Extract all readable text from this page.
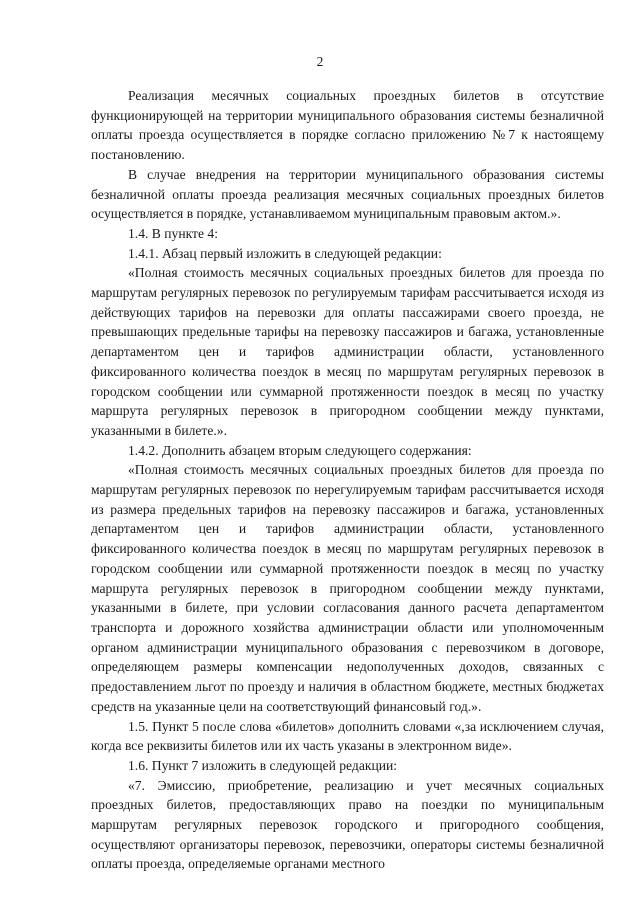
2

Реализация месячных социальных проездных билетов в отсутствие функционирующей на территории муниципального образования системы безналичной оплаты проезда осуществляется в порядке согласно приложению №7 к настоящему постановлению.

В случае внедрения на территории муниципального образования системы безналичной оплаты проезда реализация месячных социальных проездных билетов осуществляется в порядке, устанавливаемом муниципальным правовым актом.».

1.4. В пункте 4:

1.4.1. Абзац первый изложить в следующей редакции:

«Полная стоимость месячных социальных проездных билетов для проезда по маршрутам регулярных перевозок по регулируемым тарифам рассчитывается исходя из действующих тарифов на перевозки для оплаты пассажирами своего проезда, не превышающих предельные тарифы на перевозку пассажиров и багажа, установленные департаментом цен и тарифов администрации области, установленного фиксированного количества поездок в месяц по маршрутам регулярных перевозок в городском сообщении или суммарной протяженности поездок в месяц по участку маршрута регулярных перевозок в пригородном сообщении между пунктами, указанными в билете.».

1.4.2. Дополнить абзацем вторым следующего содержания:

«Полная стоимость месячных социальных проездных билетов для проезда по маршрутам регулярных перевозок по нерегулируемым тарифам рассчитывается исходя из размера предельных тарифов на перевозку пассажиров и багажа, установленных департаментом цен и тарифов администрации области, установленного фиксированного количества поездок в месяц по маршрутам регулярных перевозок в городском сообщении или суммарной протяженности поездок в месяц по участку маршрута регулярных перевозок в пригородном сообщении между пунктами, указанными в билете, при условии согласования данного расчета департаментом транспорта и дорожного хозяйства администрации области или уполномоченным органом администрации муниципального образования с перевозчиком в договоре, определяющем размеры компенсации недополученных доходов, связанных с предоставлением льгот по проезду и наличия в областном бюджете, местных бюджетах средств на указанные цели на соответствующий финансовый год.».

1.5. Пункт 5 после слова «билетов» дополнить словами «,за исключением случая, когда все реквизиты билетов или их часть указаны в электронном виде».

1.6. Пункт 7 изложить в следующей редакции:

«7. Эмиссию, приобретение, реализацию и учет месячных социальных проездных билетов, предоставляющих право на поездки по муниципальным маршрутам регулярных перевозок городского и пригородного сообщения, осуществляют организаторы перевозок, перевозчики, операторы системы безналичной оплаты проезда, определяемые органами местного
